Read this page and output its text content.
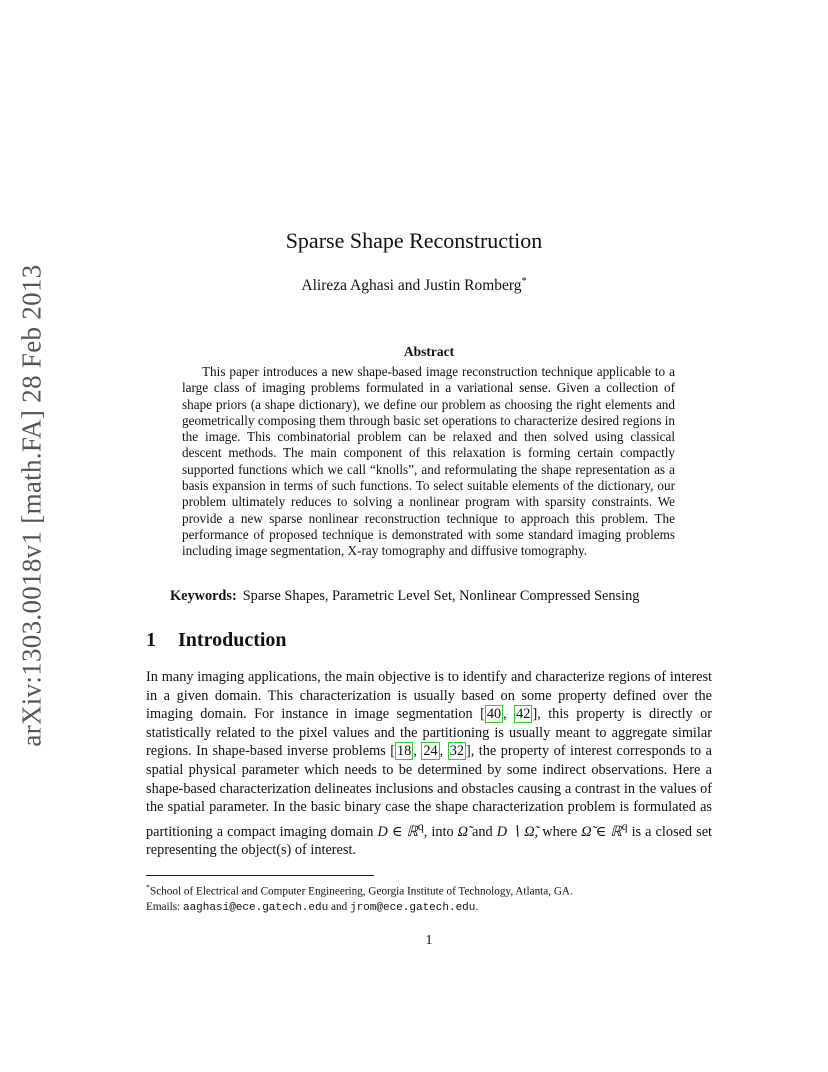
arXiv:1303.0018v1 [math.FA] 28 Feb 2013
Sparse Shape Reconstruction
Alireza Aghasi and Justin Romberg*
Abstract

This paper introduces a new shape-based image reconstruction technique applicable to a large class of imaging problems formulated in a variational sense. Given a collection of shape priors (a shape dictionary), we define our problem as choosing the right elements and geometrically composing them through basic set operations to characterize desired regions in the image. This combinatorial problem can be relaxed and then solved using classical descent methods. The main component of this relaxation is forming certain compactly supported functions which we call “knolls”, and reformulating the shape representation as a basis expansion in terms of such functions. To select suitable elements of the dictionary, our problem ultimately reduces to solving a nonlinear program with sparsity constraints. We provide a new sparse nonlinear reconstruction technique to approach this problem. The performance of proposed technique is demonstrated with some standard imaging problems including image segmentation, X-ray tomography and diffusive tomography.

Keywords: Sparse Shapes, Parametric Level Set, Nonlinear Compressed Sensing
1 Introduction

In many imaging applications, the main objective is to identify and characterize regions of interest in a given domain. This characterization is usually based on some property defined over the imaging domain. For instance in image segmentation [ 40 , 42 ], this property is directly or statistically related to the pixel values and the partitioning is usually meant to aggregate similar regions. In shape-based inverse problems [ 18 , 24 , 32 ], the property of interest corresponds to a spatial physical parameter which needs to be determined by some indirect observations. Here a shape-based characterization delineates inclusions and obstacles causing a contrast in the values of the spatial parameter. In the basic binary case the shape characterization problem is formulated as partitioning a compact imaging domain D ∈ ℝ$^q$, into Ω̃ and D ∖ Ω̃, where Ω̃ ∈ ℝ$^q$ is a closed set representing the object(s) of interest.

*School of Electrical and Computer Engineering, Georgia Institute of Technology, Atlanta, GA.
Emails: aaghasi@ece.gatech.edu and jrom@ece.gatech.edu.
1
